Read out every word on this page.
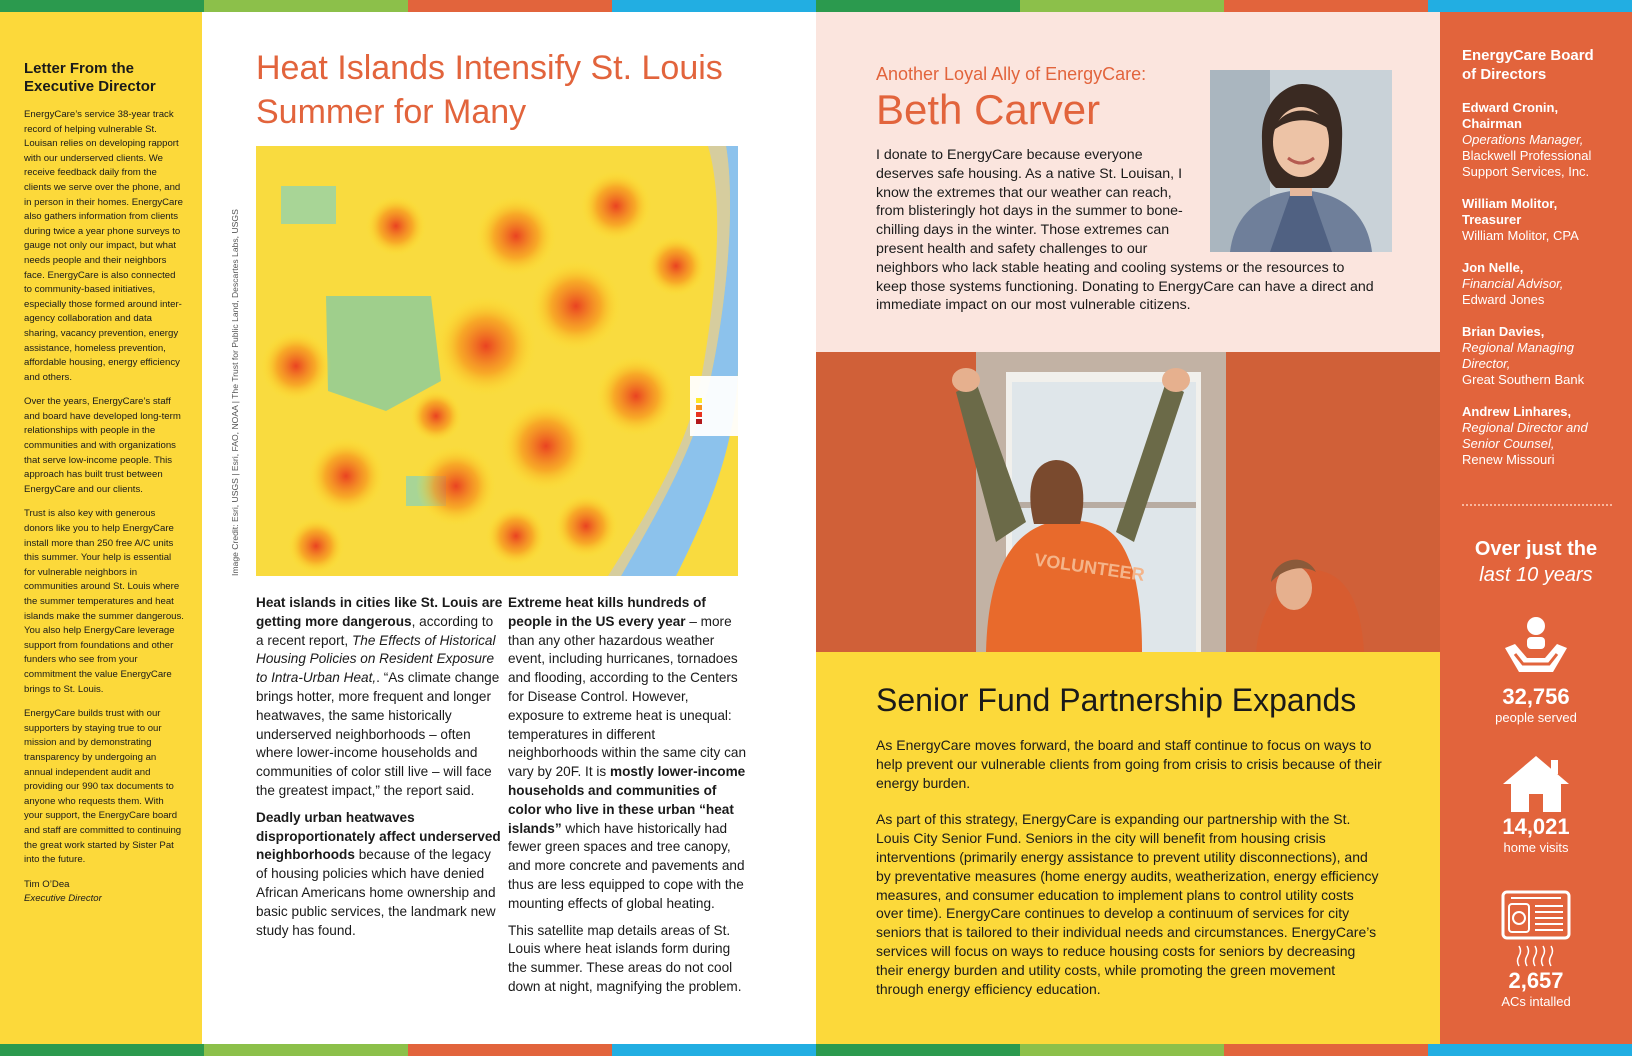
Letter From the Executive Director

EnergyCare’s service 38-year track record of helping vulnerable St. Louisan relies on developing rapport with our underserved clients. We receive feedback daily from the clients we serve over the phone, and in person in their homes. EnergyCare also gathers information from clients during twice a year phone surveys to gauge not only our impact, but what needs people and their neighbors face. EnergyCare is also connected to community-based initiatives, especially those formed around inter-agency collaboration and data sharing, vacancy prevention, energy assistance, homeless prevention, affordable housing, energy efficiency and others.

Over the years, EnergyCare’s staff and board have developed long-term relationships with people in the communities and with organizations that serve low-income people. This approach has built trust between EnergyCare and our clients.

Trust is also key with generous donors like you to help EnergyCare install more than 250 free A/C units this summer. Your help is essential for vulnerable neighbors in communities around St. Louis where the summer temperatures and heat islands make the summer dangerous. You also help EnergyCare leverage support from foundations and other funders who see from your commitment the value EnergyCare brings to St. Louis.

EnergyCare builds trust with our supporters by staying true to our mission and by demonstrating transparency by undergoing an annual independent audit and providing our 990 tax documents to anyone who requests them. With your support, the EnergyCare board and staff are committed to continuing the great work started by Sister Pat into the future.

Tim O’Dea
Executive Director
Heat Islands Intensify St. Louis Summer for Many
Image Credit: Esri, USGS | Esri, FAO, NOAA | The Trust for Public Land, Descartes Labs, USGS

Heat islands in cities like St. Louis are getting more dangerous, according to a recent report, The Effects of Historical Housing Policies on Resident Exposure to Intra-Urban Heat,. “As climate change brings hotter, more frequent and longer heatwaves, the same historically underserved neighborhoods – often where lower-income households and communities of color still live – will face the greatest impact,” the report said.

Deadly urban heatwaves disproportionately affect underserved neighborhoods because of the legacy of housing policies which have denied African Americans home ownership and basic public services, the landmark new study has found.

Extreme heat kills hundreds of people in the US every year – more than any other hazardous weather event, including hurricanes, tornadoes and flooding, according to the Centers for Disease Control. However, exposure to extreme heat is unequal: temperatures in different neighborhoods within the same city can vary by 20F. It is mostly lower-income households and communities of color who live in these urban “heat islands” which have historically had fewer green spaces and tree canopy, and more concrete and pavements and thus are less equipped to cope with the mounting effects of global heating.

This satellite map details areas of St. Louis where heat islands form during the summer. These areas do not cool down at night, magnifying the problem.

Another Loyal Ally of EnergyCare:
Beth Carver

I donate to EnergyCare because everyone deserves safe housing. As a native St. Louisan, I know the extremes that our weather can reach, from blisteringly hot days in the summer to bone-chilling days in the winter. Those extremes can present health and safety challenges to our neighbors who lack stable heating and cooling systems or the resources to keep those systems functioning. Donating to EnergyCare can have a direct and immediate impact on our most vulnerable citizens.

VOLUNTEER
Senior Fund Partnership Expands

As EnergyCare moves forward, the board and staff continue to focus on ways to help prevent our vulnerable clients from going from crisis to crisis because of their energy burden.

As part of this strategy, EnergyCare is expanding our partnership with the St. Louis City Senior Fund. Seniors in the city will benefit from housing crisis interventions (primarily energy assistance to prevent utility disconnections), and by preventative measures (home energy audits, weatherization, energy efficiency measures, and consumer education to implement plans to control utility costs over time). EnergyCare continues to develop a continuum of services for city seniors that is tailored to their individual needs and circumstances. EnergyCare’s services will focus on ways to reduce housing costs for seniors by decreasing their energy burden and utility costs, while promoting the green movement through energy efficiency education.

EnergyCare Board of Directors
Edward Cronin, Chairman
Operations Manager,
Blackwell Professional Support Services, Inc.
William Molitor, Treasurer
William Molitor, CPA
Jon Nelle,
Financial Advisor,
Edward Jones
Brian Davies,
Regional Managing Director,
Great Southern Bank
Andrew Linhares,
Regional Director and Senior Counsel,
Renew Missouri
Over just the
last 10 years
32,756
people served
14,021
home visits
2,657
ACs intalled
